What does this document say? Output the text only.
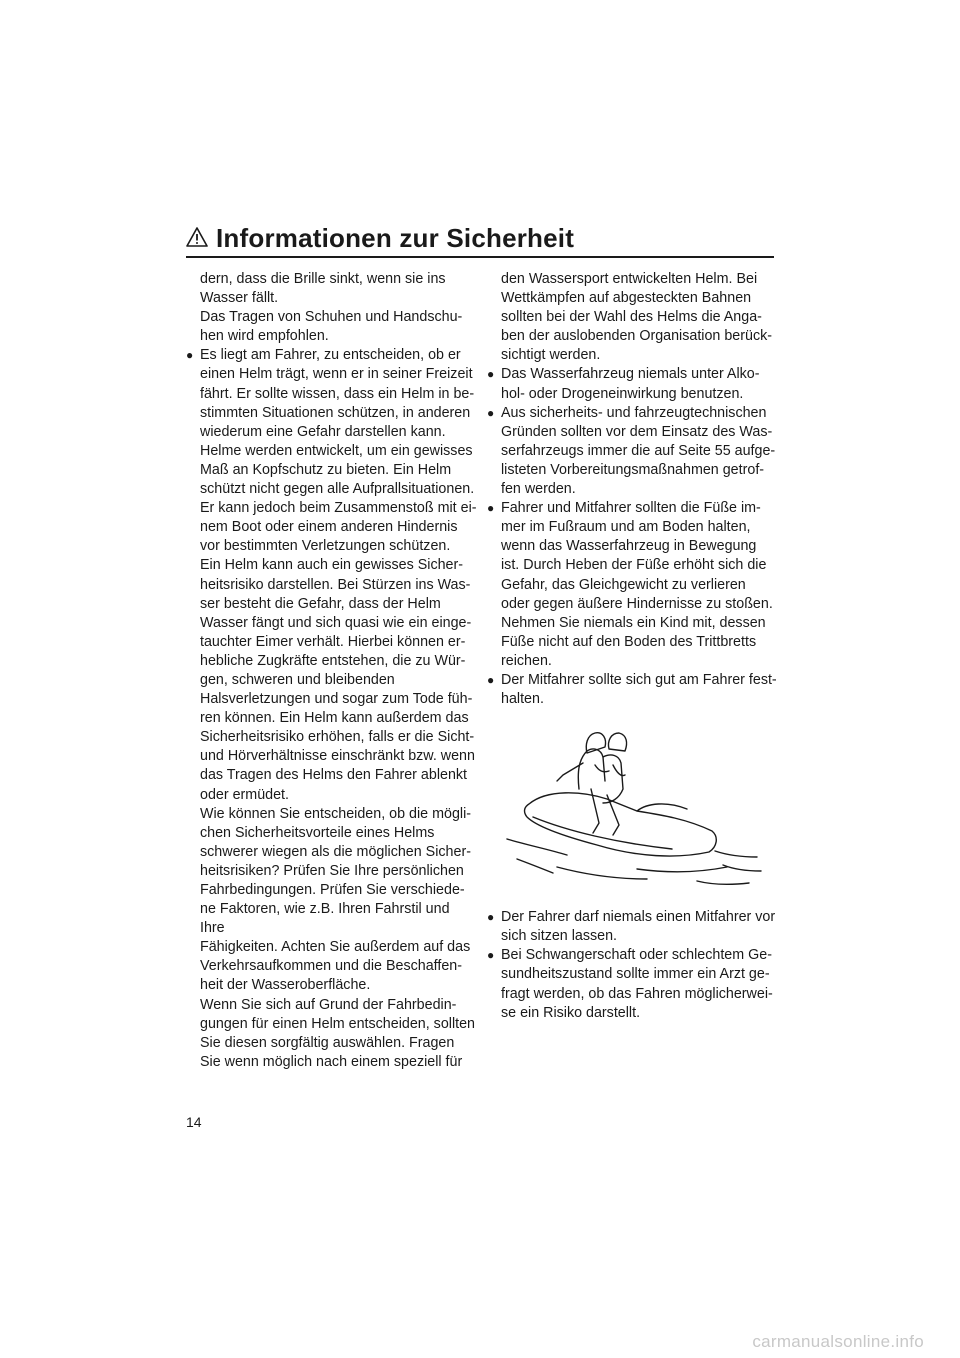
Informationen zur Sicherheit
dern, dass die Brille sinkt, wenn sie ins
Wasser fällt.
Das Tragen von Schuhen und Handschu-
hen wird empfohlen.
● Es liegt am Fahrer, zu entscheiden, ob er
einen Helm trägt, wenn er in seiner Freizeit
fährt. Er sollte wissen, dass ein Helm in be-
stimmten Situationen schützen, in anderen
wiederum eine Gefahr darstellen kann.
Helme werden entwickelt, um ein gewisses
Maß an Kopfschutz zu bieten. Ein Helm
schützt nicht gegen alle Aufprallsituationen.
Er kann jedoch beim Zusammenstoß mit ei-
nem Boot oder einem anderen Hindernis
vor bestimmten Verletzungen schützen.
Ein Helm kann auch ein gewisses Sicher-
heitsrisiko darstellen. Bei Stürzen ins Was-
ser besteht die Gefahr, dass der Helm
Wasser fängt und sich quasi wie ein einge-
tauchter Eimer verhält. Hierbei können er-
hebliche Zugkräfte entstehen, die zu Wür-
gen, schweren und bleibenden
Halsverletzungen und sogar zum Tode füh-
ren können. Ein Helm kann außerdem das
Sicherheitsrisiko erhöhen, falls er die Sicht-
und Hörverhältnisse einschränkt bzw. wenn
das Tragen des Helms den Fahrer ablenkt
oder ermüdet.
Wie können Sie entscheiden, ob die mögli-
chen Sicherheitsvorteile eines Helms
schwerer wiegen als die möglichen Sicher-
heitsrisiken? Prüfen Sie Ihre persönlichen
Fahrbedingungen. Prüfen Sie verschiede-
ne Faktoren, wie z.B. Ihren Fahrstil und Ihre
Fähigkeiten. Achten Sie außerdem auf das
Verkehrsaufkommen und die Beschaffen-
heit der Wasseroberfläche.
Wenn Sie sich auf Grund der Fahrbedin-
gungen für einen Helm entscheiden, sollten
Sie diesen sorgfältig auswählen. Fragen
Sie wenn möglich nach einem speziell für
den Wassersport entwickelten Helm. Bei
Wettkämpfen auf abgesteckten Bahnen
sollten bei der Wahl des Helms die Anga-
ben der auslobenden Organisation berück-
sichtigt werden.
● Das Wasserfahrzeug niemals unter Alko-
hol- oder Drogeneinwirkung benutzen.
● Aus sicherheits- und fahrzeugtechnischen
Gründen sollten vor dem Einsatz des Was-
serfahrzeugs immer die auf Seite 55 aufge-
listeten Vorbereitungsmaßnahmen getrof-
fen werden.
● Fahrer und Mitfahrer sollten die Füße im-
mer im Fußraum und am Boden halten,
wenn das Wasserfahrzeug in Bewegung
ist. Durch Heben der Füße erhöht sich die
Gefahr, das Gleichgewicht zu verlieren
oder gegen äußere Hindernisse zu stoßen.
Nehmen Sie niemals ein Kind mit, dessen
Füße nicht auf den Boden des Trittbretts
reichen.
● Der Mitfahrer sollte sich gut am Fahrer fest-
halten.
● Der Fahrer darf niemals einen Mitfahrer vor
sich sitzen lassen.
● Bei Schwangerschaft oder schlechtem Ge-
sundheitszustand sollte immer ein Arzt ge-
fragt werden, ob das Fahren möglicherwei-
se ein Risiko darstellt.
14
carmanualsonline.info
